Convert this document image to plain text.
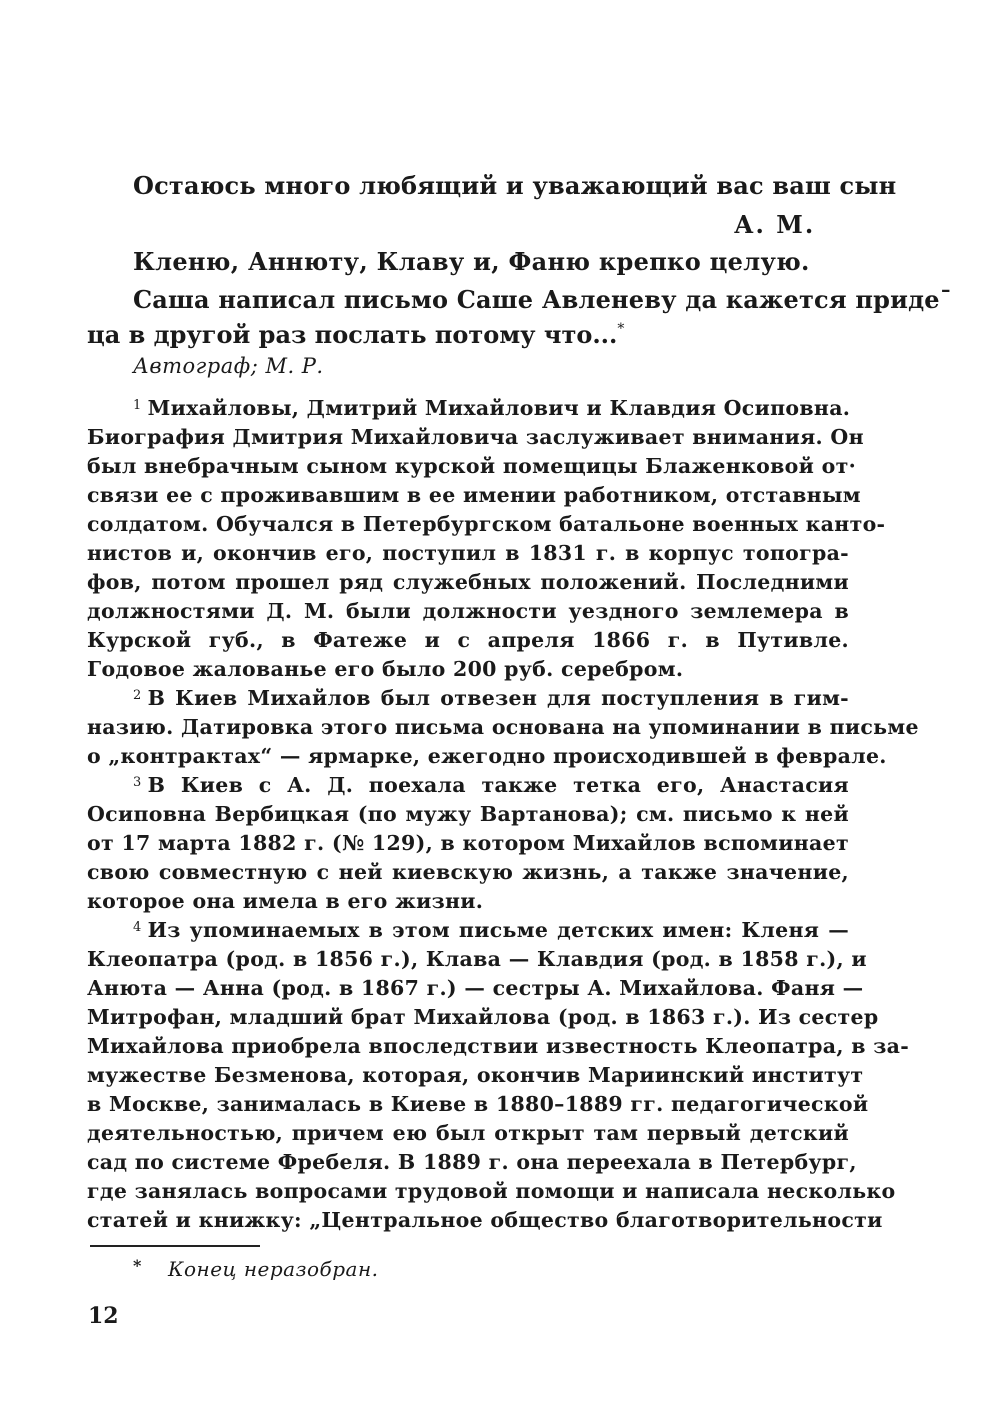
Остаюсь много любящий и уважающий вас ваш сын
А. М.
Кленю, Аннюту, Клаву и, Фаню крепко целую.
Саша написал письмо Саше Авленеву да кажется придеˉ
ца в другой раз послать потому что...*
Автограф; М. Р.
$^1$ Михайловы, Дмитрий Михайлович и Клавдия Осиповна.
Биография Дмитрия Михайловича заслуживает внимания. Он
был внебрачным сыном курской помещицы Блаженковой от·
связи ее с проживавшим в ее имении работником, отставным
солдатом. Обучался в Петербургском батальоне военных канто-
нистов и, окончив его, поступил в 1831 г. в корпус топогра-
фов, потом прошел ряд служебных положений. Последними
должностями Д. М. были должности уездного землемера в
Курской губ., в Фатеже и с апреля 1866 г. в Путивле.
Годовое жалованье его было 200 руб. серебром.
$^2$ В Киев Михайлов был отвезен для поступления в гим-
назию. Датировка этого письма основана на упоминании в письме
о „контрактах“ — ярмарке, ежегодно происходившей в феврале.
$^3$ В Киев с А. Д. поехала также тетка его, Анастасия
Осиповна Вербицкая (по мужу Вартанова); см. письмо к ней
от 17 марта 1882 г. (№ 129), в котором Михайлов вспоминает
свою совместную с ней киевскую жизнь, а также значение,
которое она имела в его жизни.
$^4$ Из упоминаемых в этом письме детских имен: Кленя —
Клеопатра (род. в 1856 г.), Клава — Клавдия (род. в 1858 г.), и
Анюта — Анна (род. в 1867 г.) — сестры А. Михайлова. Фаня —
Митрофан, младший брат Михайлова (род. в 1863 г.). Из сестер
Михайлова приобрела впоследствии известность Клеопатра, в за-
мужестве Безменова, которая, окончив Мариинский институт
в Москве, занималась в Киеве в 1880–1889 гг. педагогической
деятельностью, причем ею был открыт там первый детский
сад по системе Фребеля. В 1889 г. она переехала в Петербург,
где занялась вопросами трудовой помощи и написала несколько
статей и книжку: „Центральное общество благотворительности
* Конец неразобран.
12
